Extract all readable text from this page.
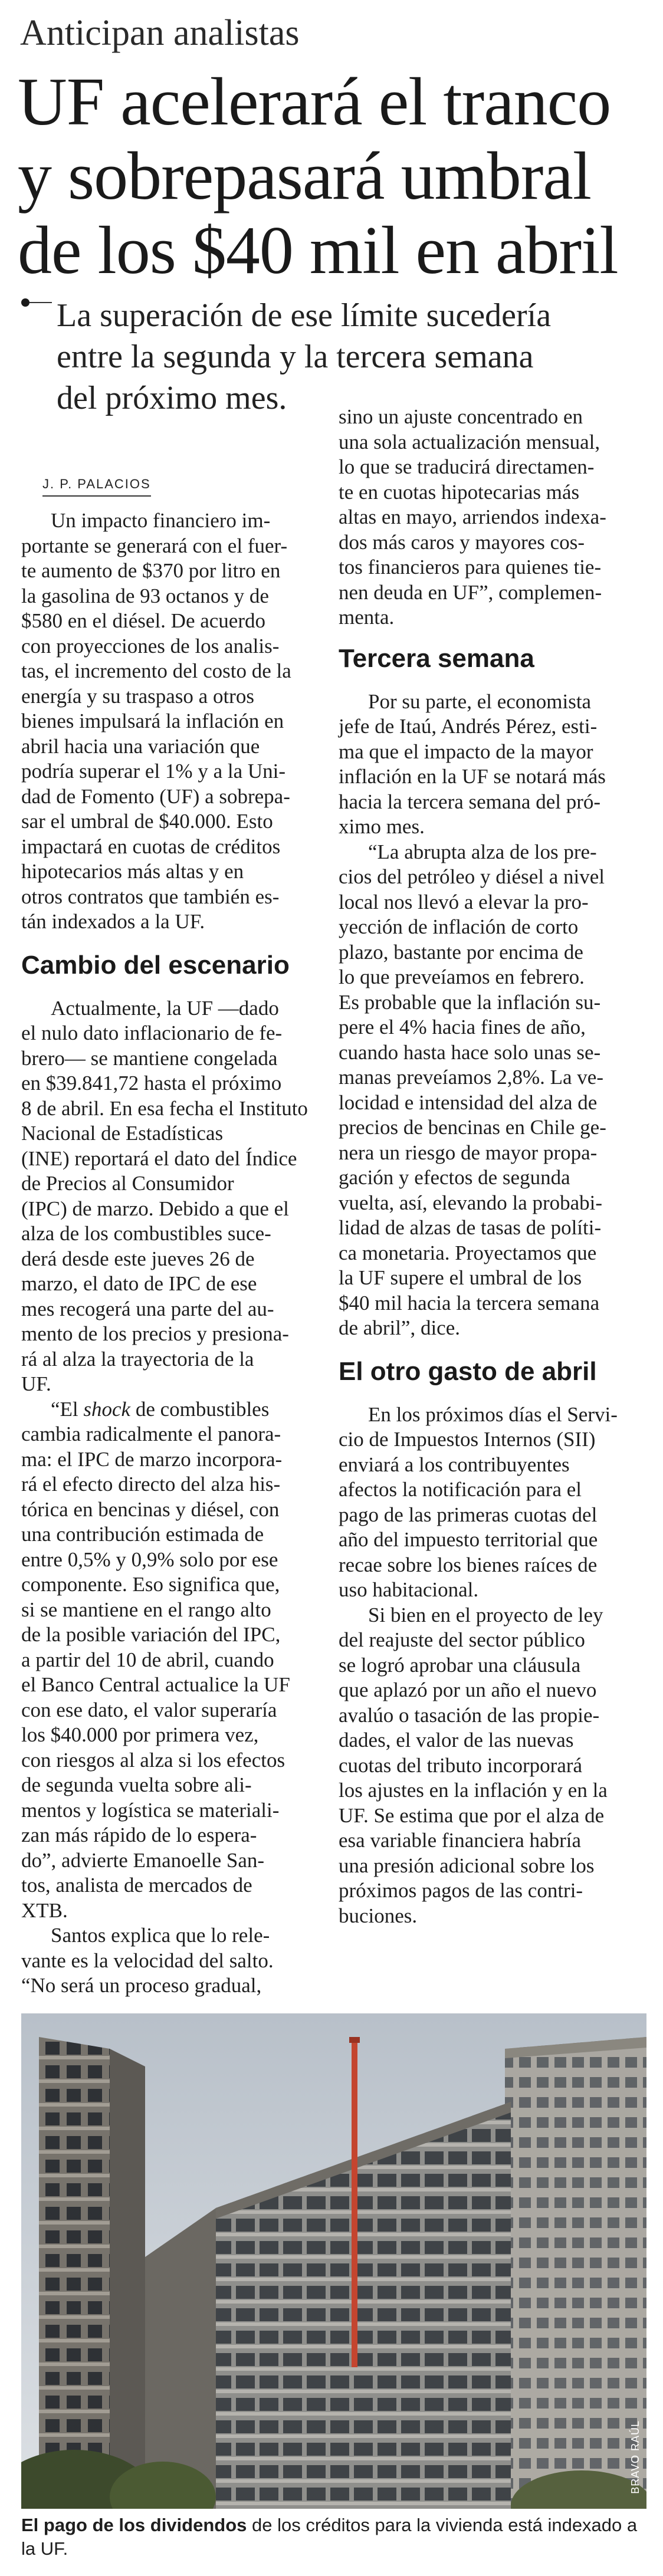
Anticipan analistas
UF acelerará el tranco
y sobrepasará umbral
de los $40 mil en abril
La superación de ese límite sucedería
entre la segunda y la tercera semana
del próximo mes.
J. P. PALACIOS

Un impacto financiero im-
portante se generará con el fuer-
te aumento de $370 por litro en
la gasolina de 93 octanos y de
$580 en el diésel. De acuerdo
con proyecciones de los analis-
tas, el incremento del costo de la
energía y su traspaso a otros
bienes impulsará la inflación en
abril hacia una variación que
podría superar el 1% y a la Uni-
dad de Fomento (UF) a sobrepa-
sar el umbral de $40.000. Esto
impactará en cuotas de créditos
hipotecarios más altas y en
otros contratos que también es-
tán indexados a la UF.

Cambio del escenario

Actualmente, la UF —dado
el nulo dato inflacionario de fe-
brero— se mantiene congelada
en $39.841,72 hasta el próximo
8 de abril. En esa fecha el Instituto
Nacional de Estadísticas
(INE) reportará el dato del Índice
de Precios al Consumidor
(IPC) de marzo. Debido a que el
alza de los combustibles suce-
derá desde este jueves 26 de
marzo, el dato de IPC de ese
mes recogerá una parte del au-
mento de los precios y presiona-
rá al alza la trayectoria de la
UF.

“El shock de combustibles
cambia radicalmente el panora-
ma: el IPC de marzo incorpora-
rá el efecto directo del alza his-
tórica en bencinas y diésel, con
una contribución estimada de
entre 0,5% y 0,9% solo por ese
componente. Eso significa que,
si se mantiene en el rango alto
de la posible variación del IPC,
a partir del 10 de abril, cuando
el Banco Central actualice la UF
con ese dato, el valor superaría
los $40.000 por primera vez,
con riesgos al alza si los efectos
de segunda vuelta sobre ali-
mentos y logística se materiali-
zan más rápido de lo espera-
do”, advierte Emanoelle San-
tos, analista de mercados de
XTB.

Santos explica que lo rele-
vante es la velocidad del salto.
“No será un proceso gradual,

sino un ajuste concentrado en
una sola actualización mensual,
lo que se traducirá directamen-
te en cuotas hipotecarias más
altas en mayo, arriendos indexa-
dos más caros y mayores cos-
tos financieros para quienes tie-
nen deuda en UF”, complemen-
menta.

Tercera semana

Por su parte, el economista
jefe de Itaú, Andrés Pérez, esti-
ma que el impacto de la mayor
inflación en la UF se notará más
hacia la tercera semana del pró-
ximo mes.

“La abrupta alza de los pre-
cios del petróleo y diésel a nivel
local nos llevó a elevar la pro-
yección de inflación de corto
plazo, bastante por encima de
lo que preveíamos en febrero.
Es probable que la inflación su-
pere el 4% hacia fines de año,
cuando hasta hace solo unas se-
manas preveíamos 2,8%. La ve-
locidad e intensidad del alza de
precios de bencinas en Chile ge-
nera un riesgo de mayor propa-
gación y efectos de segunda
vuelta, así, elevando la probabi-
lidad de alzas de tasas de políti-
ca monetaria. Proyectamos que
la UF supere el umbral de los
$40 mil hacia la tercera semana
de abril”, dice.

El otro gasto de abril

En los próximos días el Servi-
cio de Impuestos Internos (SII)
enviará a los contribuyentes
afectos la notificación para el
pago de las primeras cuotas del
año del impuesto territorial que
recae sobre los bienes raíces de
uso habitacional.

Si bien en el proyecto de ley
del reajuste del sector público
se logró aprobar una cláusula
que aplazó por un año el nuevo
avalúo o tasación de las propie-
dades, el valor de las nuevas
cuotas del tributo incorporará
los ajustes en la inflación y en la
UF. Se estima que por el alza de
esa variable financiera habría
una presión adicional sobre los
próximos pagos de las contri-
buciones.

BRAVO RAÚL
El pago de los dividendos de los créditos para la vivienda está indexado a
la UF.
